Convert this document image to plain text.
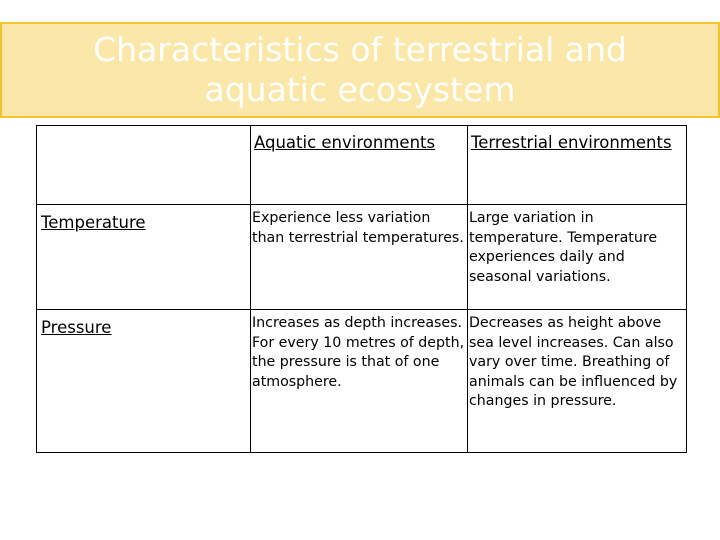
Characteristics of terrestrial and aquatic ecosystem

	Aquatic environments	Terrestrial environments

Temperature	Experience less variation than terrestrial temperatures.	Large variation in temperature. Temperature experiences daily and seasonal variations.

Pressure	Increases as depth increases. For every 10 metres of depth, the pressure is that of one atmosphere.	Decreases as height above sea level increases. Can also vary over time. Breathing of animals can be influenced by changes in pressure.
